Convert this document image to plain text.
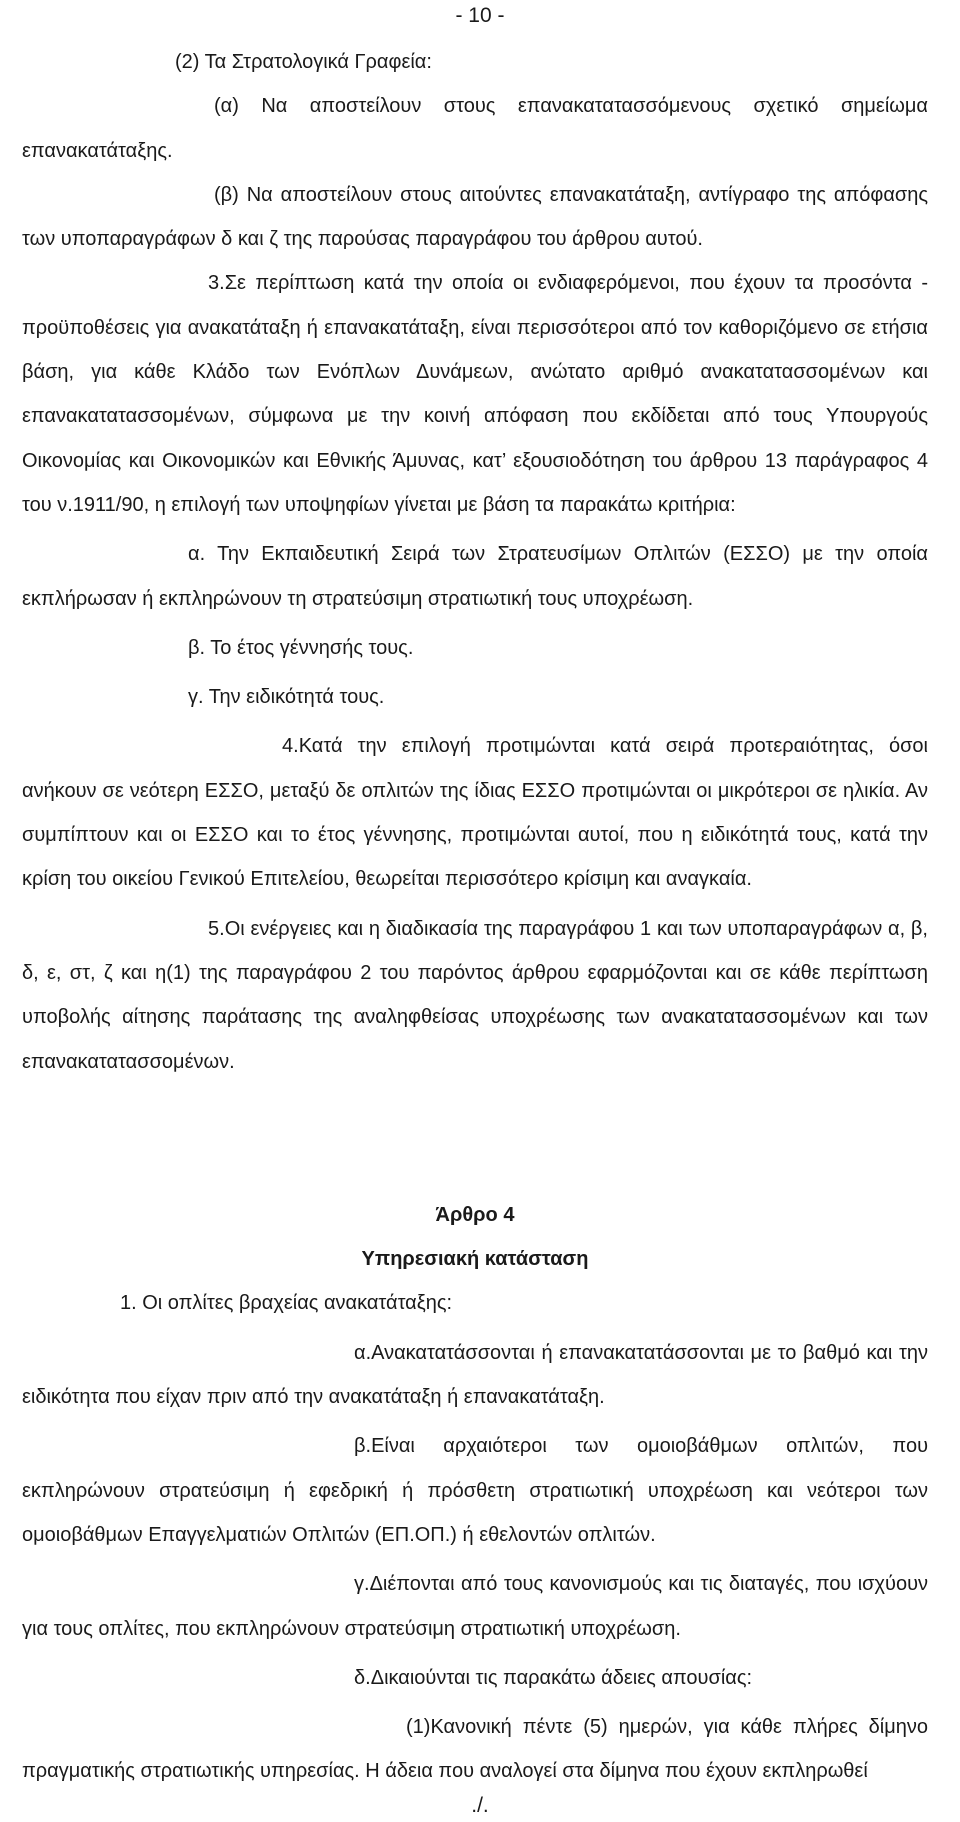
- 10 -

(2) Τα Στρατολογικά Γραφεία:

(α) Να αποστείλουν στους επανακατατασσόμενους σχετικό σημείωμα επανακατάταξης.

(β) Να αποστείλουν στους αιτούντες επανακατάταξη, αντίγραφο της απόφασης των υποπαραγράφων δ και ζ της παρούσας παραγράφου του άρθρου αυτού.

3.Σε περίπτωση κατά την οποία οι ενδιαφερόμενοι, που έχουν τα προσόντα - προϋποθέσεις για ανακατάταξη ή επανακατάταξη, είναι περισσότεροι από τον καθοριζόμενο σε ετήσια βάση, για κάθε Κλάδο των Ενόπλων Δυνάμεων, ανώτατο αριθμό ανακατατασσομένων και επανακατατασσομένων, σύμφωνα με την κοινή απόφαση που εκδίδεται από τους Υπουργούς Οικονομίας και Οικονομικών και Εθνικής Άμυνας, κατ’ εξουσιοδότηση του άρθρου 13 παράγραφος 4 του ν.1911/90, η επιλογή των υποψηφίων γίνεται με βάση τα παρακάτω κριτήρια:

α. Την Εκπαιδευτική Σειρά των Στρατευσίμων Οπλιτών (ΕΣΣΟ) με την οποία εκπλήρωσαν ή εκπληρώνουν τη στρατεύσιμη στρατιωτική τους υποχρέωση.

β. Το έτος γέννησής τους.

γ. Την ειδικότητά τους.

4.Κατά την επιλογή προτιμώνται κατά σειρά προτεραιότητας, όσοι ανήκουν σε νεότερη ΕΣΣΟ, μεταξύ δε οπλιτών της ίδιας ΕΣΣΟ προτιμώνται οι μικρότεροι σε ηλικία. Αν συμπίπτουν και οι ΕΣΣΟ και το έτος γέννησης, προτιμώνται αυτοί, που η ειδικότητά τους, κατά την κρίση του οικείου Γενικού Επιτελείου, θεωρείται περισσότερο κρίσιμη και αναγκαία.

5.Οι ενέργειες και η διαδικασία της παραγράφου 1 και των υποπαραγράφων α, β, δ, ε, στ, ζ και η(1) της παραγράφου 2 του παρόντος άρθρου εφαρμόζονται και σε κάθε περίπτωση υποβολής αίτησης παράτασης της αναληφθείσας υποχρέωσης των ανακατατασσομένων και των επανακατατασσομένων.

Άρθρο 4

Υπηρεσιακή κατάσταση

1. Οι οπλίτες βραχείας ανακατάταξης:

α.Ανακατατάσσονται ή επανακατατάσσονται με το βαθμό και την ειδικότητα που είχαν πριν από την ανακατάταξη ή επανακατάταξη.

β.Είναι αρχαιότεροι των ομοιοβάθμων οπλιτών, που εκπληρώνουν στρατεύσιμη ή εφεδρική ή πρόσθετη στρατιωτική υποχρέωση και νεότεροι των ομοιοβάθμων Επαγγελματιών Οπλιτών (ΕΠ.ΟΠ.) ή εθελοντών οπλιτών.

γ.Διέπονται από τους κανονισμούς και τις διαταγές, που ισχύουν για τους οπλίτες, που εκπληρώνουν στρατεύσιμη στρατιωτική υποχρέωση.

δ.Δικαιούνται τις παρακάτω άδειες απουσίας:

(1)Κανονική πέντε (5) ημερών, για κάθε πλήρες δίμηνο πραγματικής στρατιωτικής υπηρεσίας. Η άδεια που αναλογεί στα δίμηνα που έχουν εκπληρωθεί

./.
